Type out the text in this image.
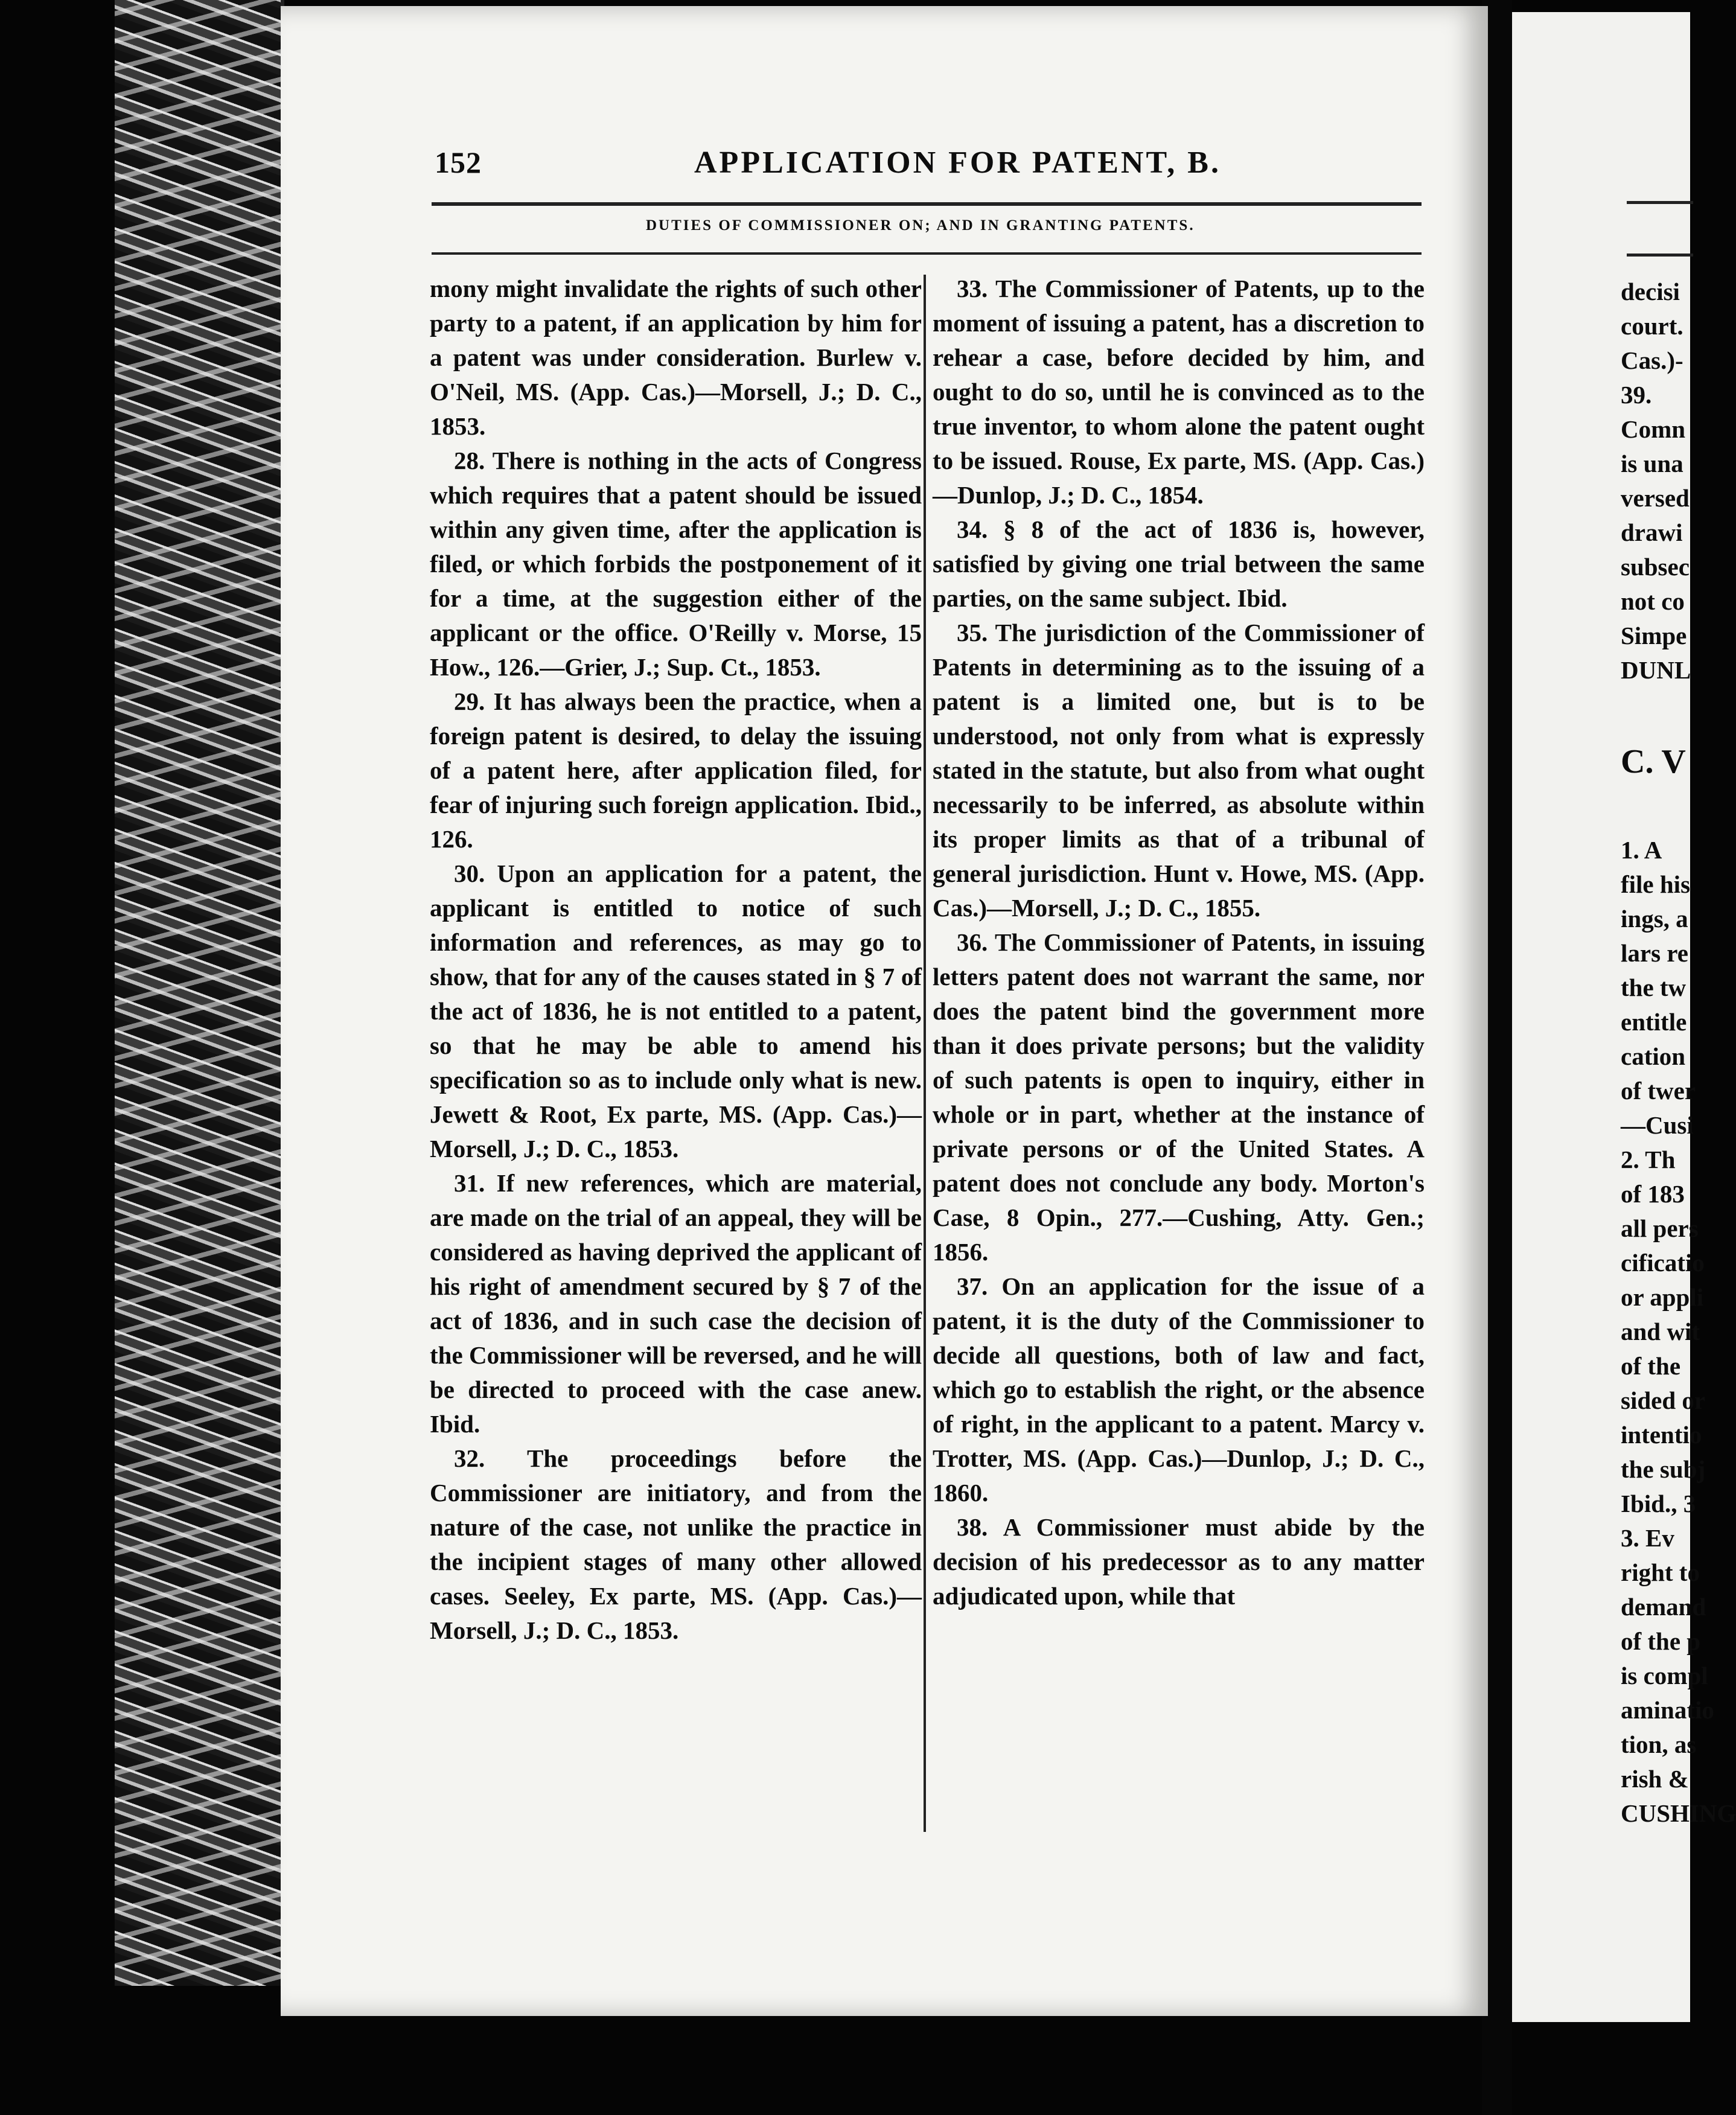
152	APPLICATION FOR PATENT, B.
DUTIES OF COMMISSIONER ON; AND IN GRANTING PATENTS.

mony might invalidate the rights of such other party to a patent, if an application by him for a patent was under consideration. Burlew v. O'Neil, MS. (App. Cas.)—Morsell, J.; D. C., 1853.

28. There is nothing in the acts of Congress which requires that a patent should be issued within any given time, after the application is filed, or which forbids the postponement of it for a time, at the suggestion either of the applicant or the office. O'Reilly v. Morse, 15 How., 126.—Grier, J.; Sup. Ct., 1853.

29. It has always been the practice, when a foreign patent is desired, to delay the issuing of a patent here, after application filed, for fear of injuring such foreign application. Ibid., 126.

30. Upon an application for a patent, the applicant is entitled to notice of such information and references, as may go to show, that for any of the causes stated in § 7 of the act of 1836, he is not entitled to a patent, so that he may be able to amend his specification so as to include only what is new. Jewett & Root, Ex parte, MS. (App. Cas.)—Morsell, J.; D. C., 1853.

31. If new references, which are material, are made on the trial of an appeal, they will be considered as having deprived the applicant of his right of amendment secured by § 7 of the act of 1836, and in such case the decision of the Commissioner will be reversed, and he will be directed to proceed with the case anew. Ibid.

32. The proceedings before the Commissioner are initiatory, and from the nature of the case, not unlike the practice in the incipient stages of many other allowed cases. Seeley, Ex parte, MS. (App. Cas.)—Morsell, J.; D. C., 1853.

33. The Commissioner of Patents, up to the moment of issuing a patent, has a discretion to rehear a case, before decided by him, and ought to do so, until he is convinced as to the true inventor, to whom alone the patent ought to be issued. Rouse, Ex parte, MS. (App. Cas.)—Dunlop, J.; D. C., 1854.

34. § 8 of the act of 1836 is, however, satisfied by giving one trial between the same parties, on the same subject. Ibid.

35. The jurisdiction of the Commissioner of Patents in determining as to the issuing of a patent is a limited one, but is to be understood, not only from what is expressly stated in the statute, but also from what ought necessarily to be inferred, as absolute within its proper limits as that of a tribunal of general jurisdiction. Hunt v. Howe, MS. (App. Cas.)—Morsell, J.; D. C., 1855.

36. The Commissioner of Patents, in issuing letters patent does not warrant the same, nor does the patent bind the government more than it does private persons; but the validity of such patents is open to inquiry, either in whole or in part, whether at the instance of private persons or of the United States. A patent does not conclude any body. Morton's Case, 8 Opin., 277.—Cushing, Atty. Gen.; 1856.

37. On an application for the issue of a patent, it is the duty of the Commissioner to decide all questions, both of law and fact, which go to establish the right, or the absence of right, in the applicant to a patent. Marcy v. Trotter, MS. (App. Cas.)—Dunlop, J.; D. C., 1860.

38. A Commissioner must abide by the decision of his predecessor as to any matter adjudicated upon, while that

decisi
court.
Cas.)-
39.
Comn
is una
versed
drawi
subsec
not co
Simpe
DUNL
C. V
1. A
file his
ings, a
lars re
the tw
entitle
cation
of twer
—Cusi
2. Th
of 183
all pers
cificatio
or appli
and wit
of the
sided or
intentio
the subj
Ibid., 3
3. Ev
right to
demand
of the p
is compl
aminatio
tion, as
rish &
CUSHING
